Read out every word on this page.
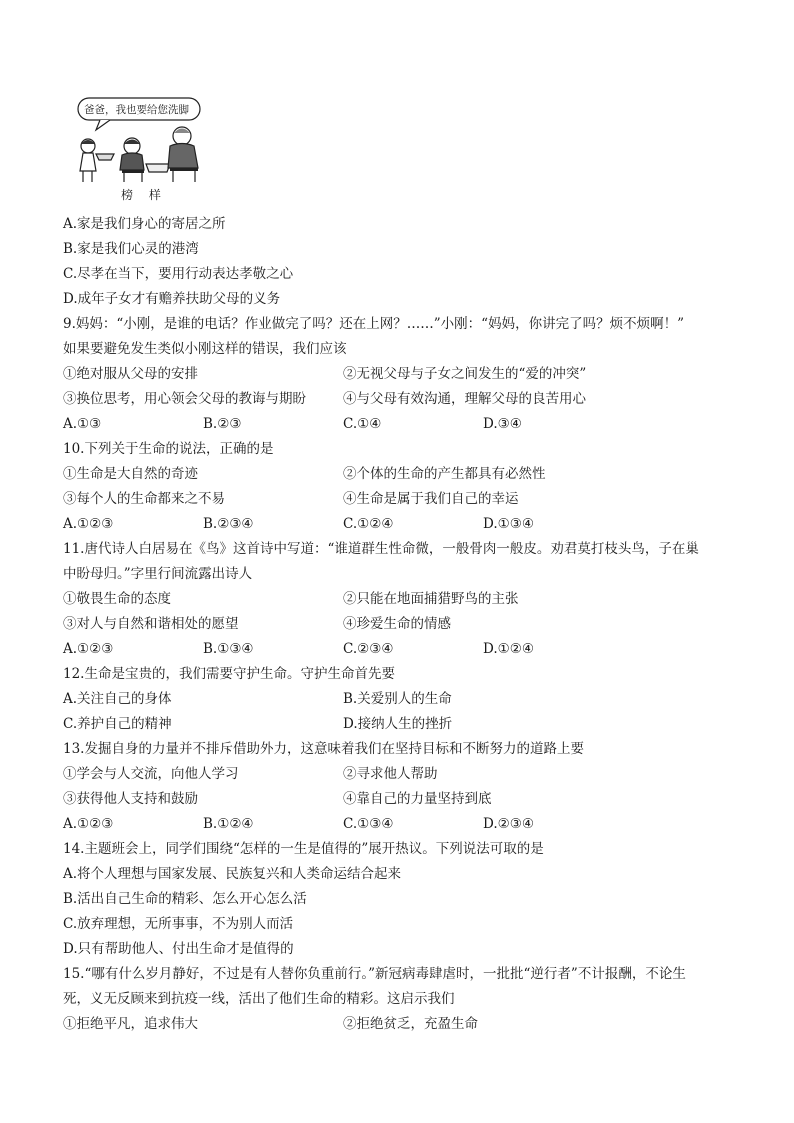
爸爸，我也要给您洗脚
榜 样
A.家是我们身心的寄居之所
B.家是我们心灵的港湾
C.尽孝在当下，要用行动表达孝敬之心
D.成年子女才有赡养扶助父母的义务
9.妈妈：“小刚，是谁的电话？作业做完了吗？还在上网？……”小刚：“妈妈，你讲完了吗？烦不烦啊！”
如果要避免发生类似小刚这样的错误，我们应该
①绝对服从父母的安排	②无视父母与子女之间发生的“爱的冲突”
③换位思考，用心领会父母的教诲与期盼	④与父母有效沟通，理解父母的良苦用心
A.①③	B.②③	C.①④	D.③④
10.下列关于生命的说法，正确的是
①生命是大自然的奇迹	②个体的生命的产生都具有必然性
③每个人的生命都来之不易	④生命是属于我们自己的幸运
A.①②③	B.②③④	C.①②④	D.①③④
11.唐代诗人白居易在《鸟》这首诗中写道：“谁道群生性命微，一般骨肉一般皮。劝君莫打枝头鸟，子在巢
中盼母归。”字里行间流露出诗人
①敬畏生命的态度	②只能在地面捕猎野鸟的主张
③对人与自然和谐相处的愿望	④珍爱生命的情感
A.①②③	B.①③④	C.②③④	D.①②④
12.生命是宝贵的，我们需要守护生命。守护生命首先要
A.关注自己的身体	B.关爱别人的生命
C.养护自己的精神	D.接纳人生的挫折
13.发掘自身的力量并不排斥借助外力，这意味着我们在坚持目标和不断努力的道路上要
①学会与人交流，向他人学习	②寻求他人帮助
③获得他人支持和鼓励	④靠自己的力量坚持到底
A.①②③	B.①②④	C.①③④	D.②③④
14.主题班会上，同学们围绕“怎样的一生是值得的”展开热议。下列说法可取的是
A.将个人理想与国家发展、民族复兴和人类命运结合起来
B.活出自己生命的精彩、怎么开心怎么活
C.放弃理想，无所事事，不为别人而活
D.只有帮助他人、付出生命才是值得的
15.“哪有什么岁月静好，不过是有人替你负重前行。”新冠病毒肆虐时，一批批“逆行者”不计报酬，不论生
死，义无反顾来到抗疫一线，活出了他们生命的精彩。这启示我们
①拒绝平凡，追求伟大	②拒绝贫乏，充盈生命
